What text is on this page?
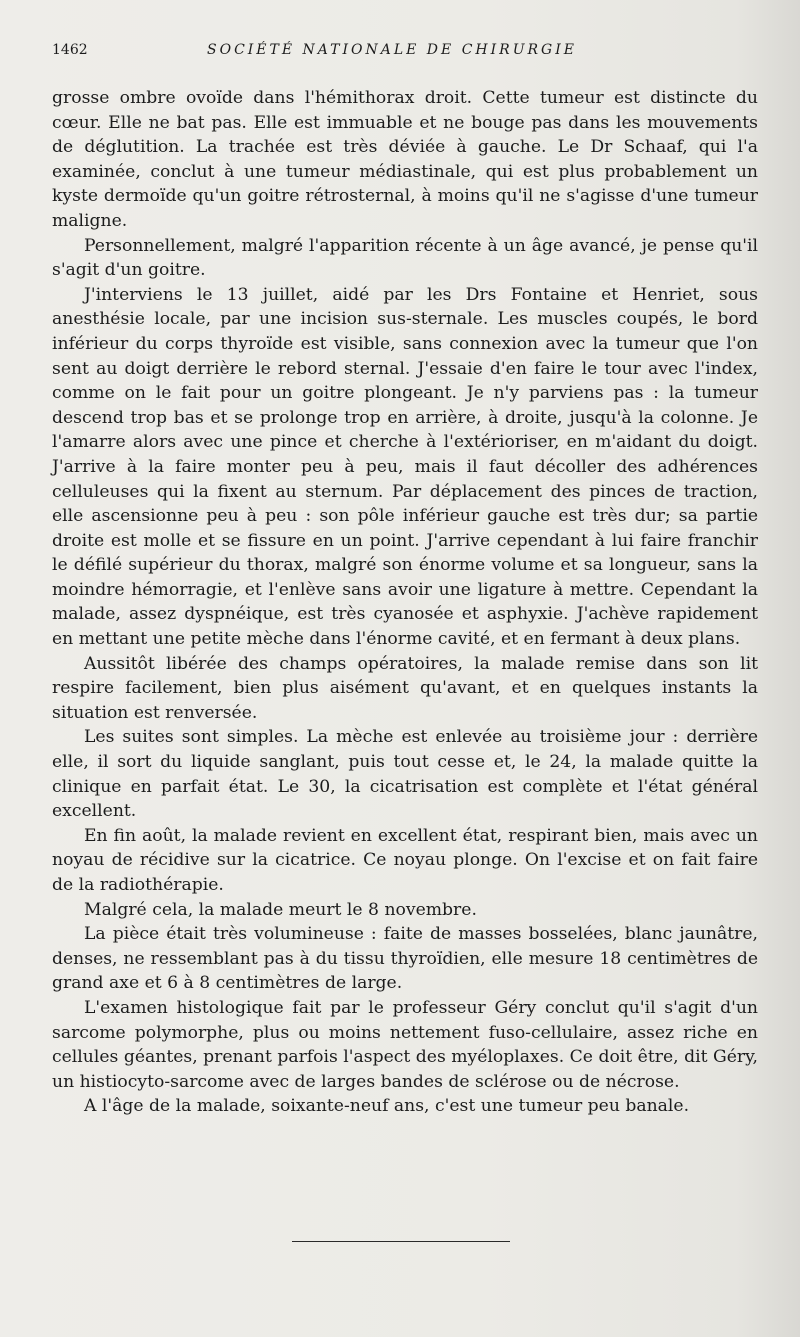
1462	SOCIÉTÉ NATIONALE DE CHIRURGIE

grosse ombre ovoïde dans l'hémithorax droit. Cette tumeur est distincte du cœur. Elle ne bat pas. Elle est immuable et ne bouge pas dans les mouvements de déglutition. La trachée est très déviée à gauche. Le Dr Schaaf, qui l'a examinée, conclut à une tumeur médiastinale, qui est plus probablement un kyste dermoïde qu'un goitre rétrosternal, à moins qu'il ne s'agisse d'une tumeur maligne.

Personnellement, malgré l'apparition récente à un âge avancé, je pense qu'il s'agit d'un goitre.

J'interviens le 13 juillet, aidé par les Drs Fontaine et Henriet, sous anesthésie locale, par une incision sus-sternale. Les muscles coupés, le bord inférieur du corps thyroïde est visible, sans connexion avec la tumeur que l'on sent au doigt derrière le rebord sternal. J'essaie d'en faire le tour avec l'index, comme on le fait pour un goitre plongeant. Je n'y parviens pas : la tumeur descend trop bas et se prolonge trop en arrière, à droite, jusqu'à la colonne. Je l'amarre alors avec une pince et cherche à l'extérioriser, en m'aidant du doigt. J'arrive à la faire monter peu à peu, mais il faut décoller des adhérences celluleuses qui la fixent au sternum. Par déplacement des pinces de traction, elle ascensionne peu à peu : son pôle inférieur gauche est très dur; sa partie droite est molle et se fissure en un point. J'arrive cependant à lui faire franchir le défilé supérieur du thorax, malgré son énorme volume et sa longueur, sans la moindre hémorragie, et l'enlève sans avoir une ligature à mettre. Cependant la malade, assez dyspnéique, est très cyanosée et asphyxie. J'achève rapidement en mettant une petite mèche dans l'énorme cavité, et en fermant à deux plans.

Aussitôt libérée des champs opératoires, la malade remise dans son lit respire facilement, bien plus aisément qu'avant, et en quelques instants la situation est renversée.

Les suites sont simples. La mèche est enlevée au troisième jour : derrière elle, il sort du liquide sanglant, puis tout cesse et, le 24, la malade quitte la clinique en parfait état. Le 30, la cicatrisation est complète et l'état général excellent.

En fin août, la malade revient en excellent état, respirant bien, mais avec un noyau de récidive sur la cicatrice. Ce noyau plonge. On l'excise et on fait faire de la radiothérapie.

Malgré cela, la malade meurt le 8 novembre.

La pièce était très volumineuse : faite de masses bosselées, blanc jaunâtre, denses, ne ressemblant pas à du tissu thyroïdien, elle mesure 18 centimètres de grand axe et 6 à 8 centimètres de large.

L'examen histologique fait par le professeur Géry conclut qu'il s'agit d'un sarcome polymorphe, plus ou moins nettement fuso-cellulaire, assez riche en cellules géantes, prenant parfois l'aspect des myéloplaxes. Ce doit être, dit Géry, un histiocyto-sarcome avec de larges bandes de sclérose ou de nécrose.

A l'âge de la malade, soixante-neuf ans, c'est une tumeur peu banale.
